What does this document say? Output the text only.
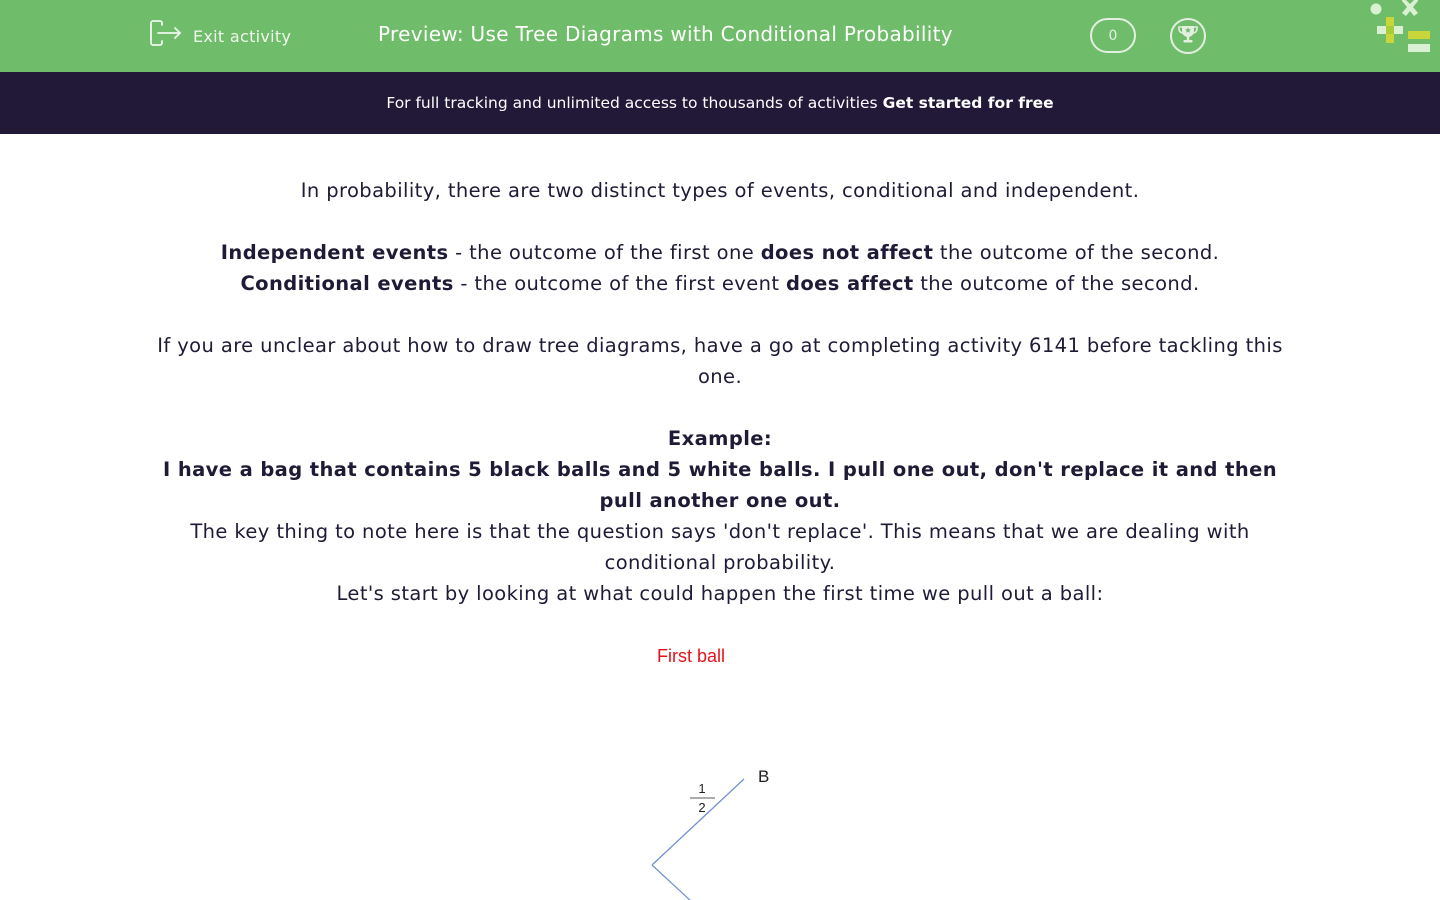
Exit activity	Preview: Use Tree Diagrams with Conditional Probability	0
For full tracking and unlimited access to thousands of activities Get started for free

In probability, there are two distinct types of events, conditional and independent.

Independent events - the outcome of the first one does not affect the outcome of the second.

Conditional events - the outcome of the first event does affect the outcome of the second.

If you are unclear about how to draw tree diagrams, have a go at completing activity 6141 before tackling this one.

Example:

I have a bag that contains 5 black balls and 5 white balls. I pull one out, don't replace it and then pull another one out.

The key thing to note here is that the question says 'don't replace'. This means that we are dealing with conditional probability.

Let's start by looking at what could happen the first time we pull out a ball:

First ball
1
2
B
